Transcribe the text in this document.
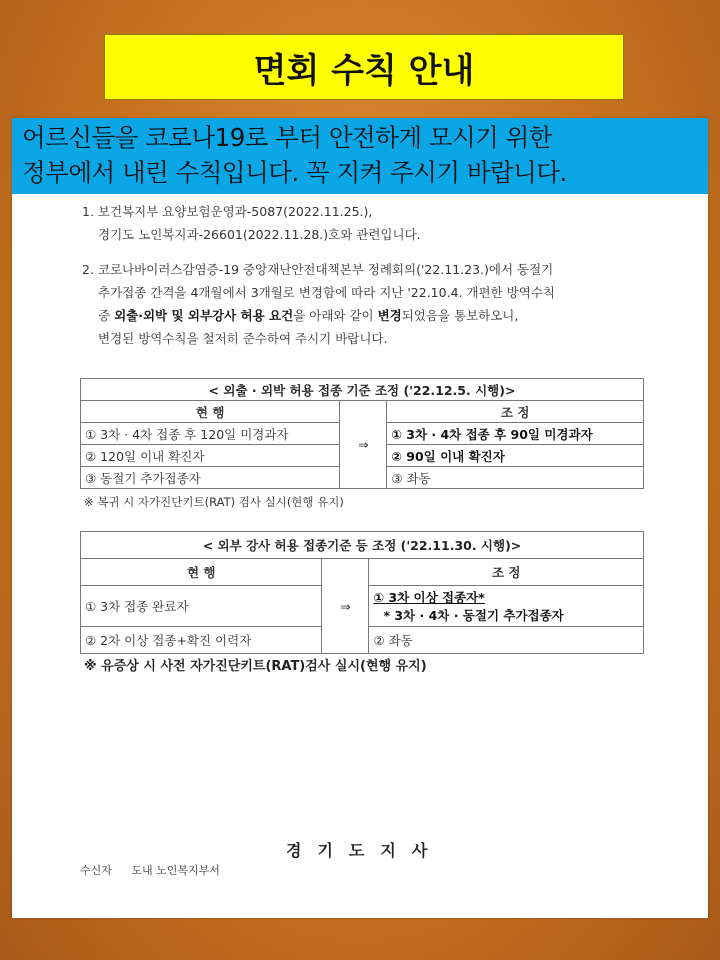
면회 수칙 안내
어르신들을 코로나19로 부터 안전하게 모시기 위한
정부에서 내린 수칙입니다. 꼭 지켜 주시기 바랍니다.
1. 보건복지부 요양보험운영과-5087(2022.11.25.),
경기도 노인복지과-26601(2022.11.28.)호와 관련입니다.
2. 코로나바이러스감염증-19 중앙재난안전대책본부 정례회의('22.11.23.)에서 동절기
추가접종 간격을 4개월에서 3개월로 변경함에 따라 지난 '22.10.4. 개편한 방역수칙
중 외출·외박 및 외부강사 허용 요건을 아래와 같이 변경되었음을 통보하오니,
변경된 방역수칙을 철저히 준수하여 주시기 바랍니다.
< 외출 · 외박 허용 접종 기준 조정 ('22.12.5. 시행)>		
현 행	⇒	조 정
① 3차 · 4차 접종 후 120일 미경과자		① 3차 · 4차 접종 후 90일 미경과자
② 120일 이내 확진자		② 90일 이내 확진자
③ 동절기 추가접종자		③ 좌동
※ 복귀 시 자가진단키트(RAT) 검사 실시(현행 유지)
< 외부 강사 허용 접종기준 등 조정 ('22.11.30. 시행)>		
현 행	⇒	조 정
① 3차 접종 완료자		① 3차 이상 접종자*
* 3차 · 4차 · 동절기 추가접종자

② 2차 이상 접종+확진 이력자		② 좌동
※ 유증상 시 사전 자가진단키트(RAT)검사 실시(현행 유지)
경기도지사
수신자 도내 노인복지부서
